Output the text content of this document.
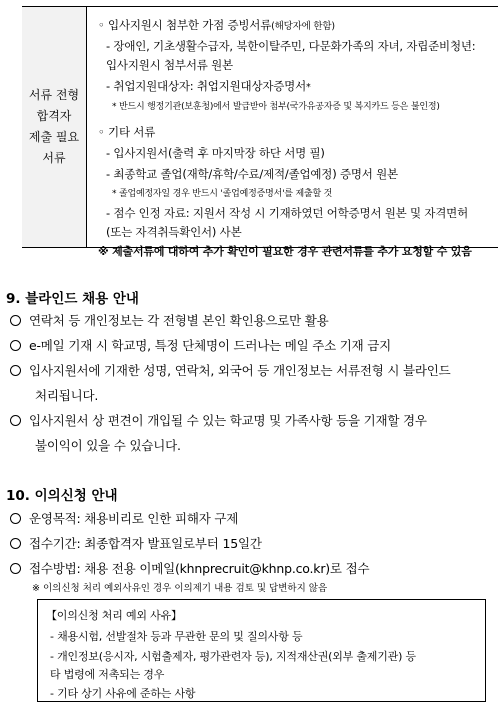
서류 전형
합격자
제출 필요
서류
◦ 입사지원시 첨부한 가점 증빙서류(해당자에 한함)
- 장애인, 기초생활수급자, 북한이탈주민, 다문화가족의 자녀, 자립준비청년:
입사지원시 첨부서류 원본
- 취업지원대상자: 취업지원대상자증명서*
* 반드시 행정기관(보훈청)에서 발급받아 첨부(국가유공자증 및 복지카드 등은 불인정)
◦ 기타 서류
- 입사지원서(출력 후 마지막장 하단 서명 필)
- 최종학교 졸업(재학/휴학/수료/제적/졸업예정) 증명서 원본
* 졸업예정자일 경우 반드시 '졸업예정증명서'를 제출할 것
- 점수 인정 자료: 지원서 작성 시 기재하였던 어학증명서 원본 및 자격면허
(또는 자격취득확인서) 사본
※ 제출서류에 대하여 추가 확인이 필요한 경우 관련서류를 추가 요청할 수 있음
9. 블라인드 채용 안내
연락처 등 개인정보는 각 전형별 본인 확인용으로만 활용
e-메일 기재 시 학교명, 특정 단체명이 드러나는 메일 주소 기재 금지
입사지원서에 기재한 성명, 연락처, 외국어 등 개인정보는 서류전형 시 블라인드
처리됩니다.
입사지원서 상 편견이 개입될 수 있는 학교명 및 가족사항 등을 기재할 경우
불이익이 있을 수 있습니다.
10. 이의신청 안내
운영목적: 채용비리로 인한 피해자 구제
접수기간: 최종합격자 발표일로부터 15일간
접수방법: 채용 전용 이메일(khnprecruit@khnp.co.kr)로 접수
※ 이의신청 처리 예외사유인 경우 이의제기 내용 검토 및 답변하지 않음
【이의신청 처리 예외 사유】
- 채용시험, 선발절차 등과 무관한 문의 및 질의사항 등
- 개인정보(응시자, 시험출제자, 평가관련자 등), 지적재산권(외부 출제기관) 등
타 법령에 저촉되는 경우
- 기타 상기 사유에 준하는 사항
